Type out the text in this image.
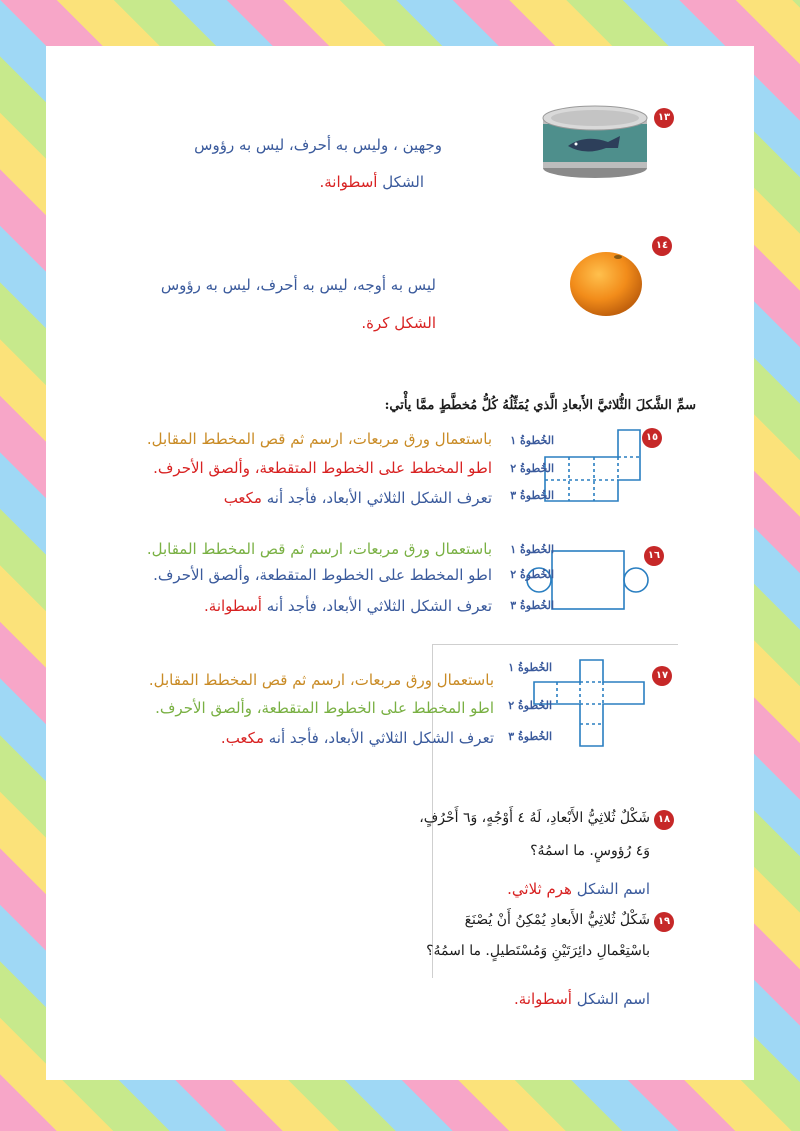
١٣
وجهين ، وليس به أحرف، ليس به رؤوس
الشكل أسطوانة.
١٤
ليس به أوجه، ليس به أحرف، ليس به رؤوس
الشكل كرة.
سمِّ الشَّكلَ الثُّلاثيَّ الأَبعادِ الَّذي يُمَثِّلُهُ كُلُّ مُخطَّطٍ ممَّا يأْتي:
١٥
الخُطوةُ ١
الخُطوةُ ٢
الخُطوةُ ٣
باستعمال ورق مربعات، ارسم ثم قص المخطط المقابل.
اطو المخطط على الخطوط المتقطعة، وألصق الأحرف.
تعرف الشكل الثلاثي الأبعاد، فأجد أنه مكعب
١٦
الخُطوةُ ١
الخُطوةُ ٢
الخُطوةُ ٣
باستعمال ورق مربعات، ارسم ثم قص المخطط المقابل.
اطو المخطط على الخطوط المتقطعة، وألصق الأحرف.
تعرف الشكل الثلاثي الأبعاد، فأجد أنه أسطوانة.
١٧
الخُطوةُ ١
الخُطوةُ ٢
الخُطوةُ ٣
باستعمال ورق مربعات، ارسم ثم قص المخطط المقابل.
اطو المخطط على الخطوط المتقطعة، وألصق الأحرف.
تعرف الشكل الثلاثي الأبعاد، فأجد أنه مكعب.
١٨
شَكْلٌ ثُلاثِيُّ الأَبْعادِ، لَهُ ٤ أَوْجُهٍ، وَ٦ أَحْرُفٍ،
وَ٤ رُؤوسٍ. ما اسمُهُ؟
اسم الشكل هرم ثلاثي.
١٩
شَكْلٌ ثُلاثِيُّ الأَبعادِ يُمْكِنُ أَنْ يُصْنَعَ
باسْتِعْمالِ دائِرَتَيْنِ وَمُسْتَطيلٍ. ما اسمُهُ؟
اسم الشكل أسطوانة.
